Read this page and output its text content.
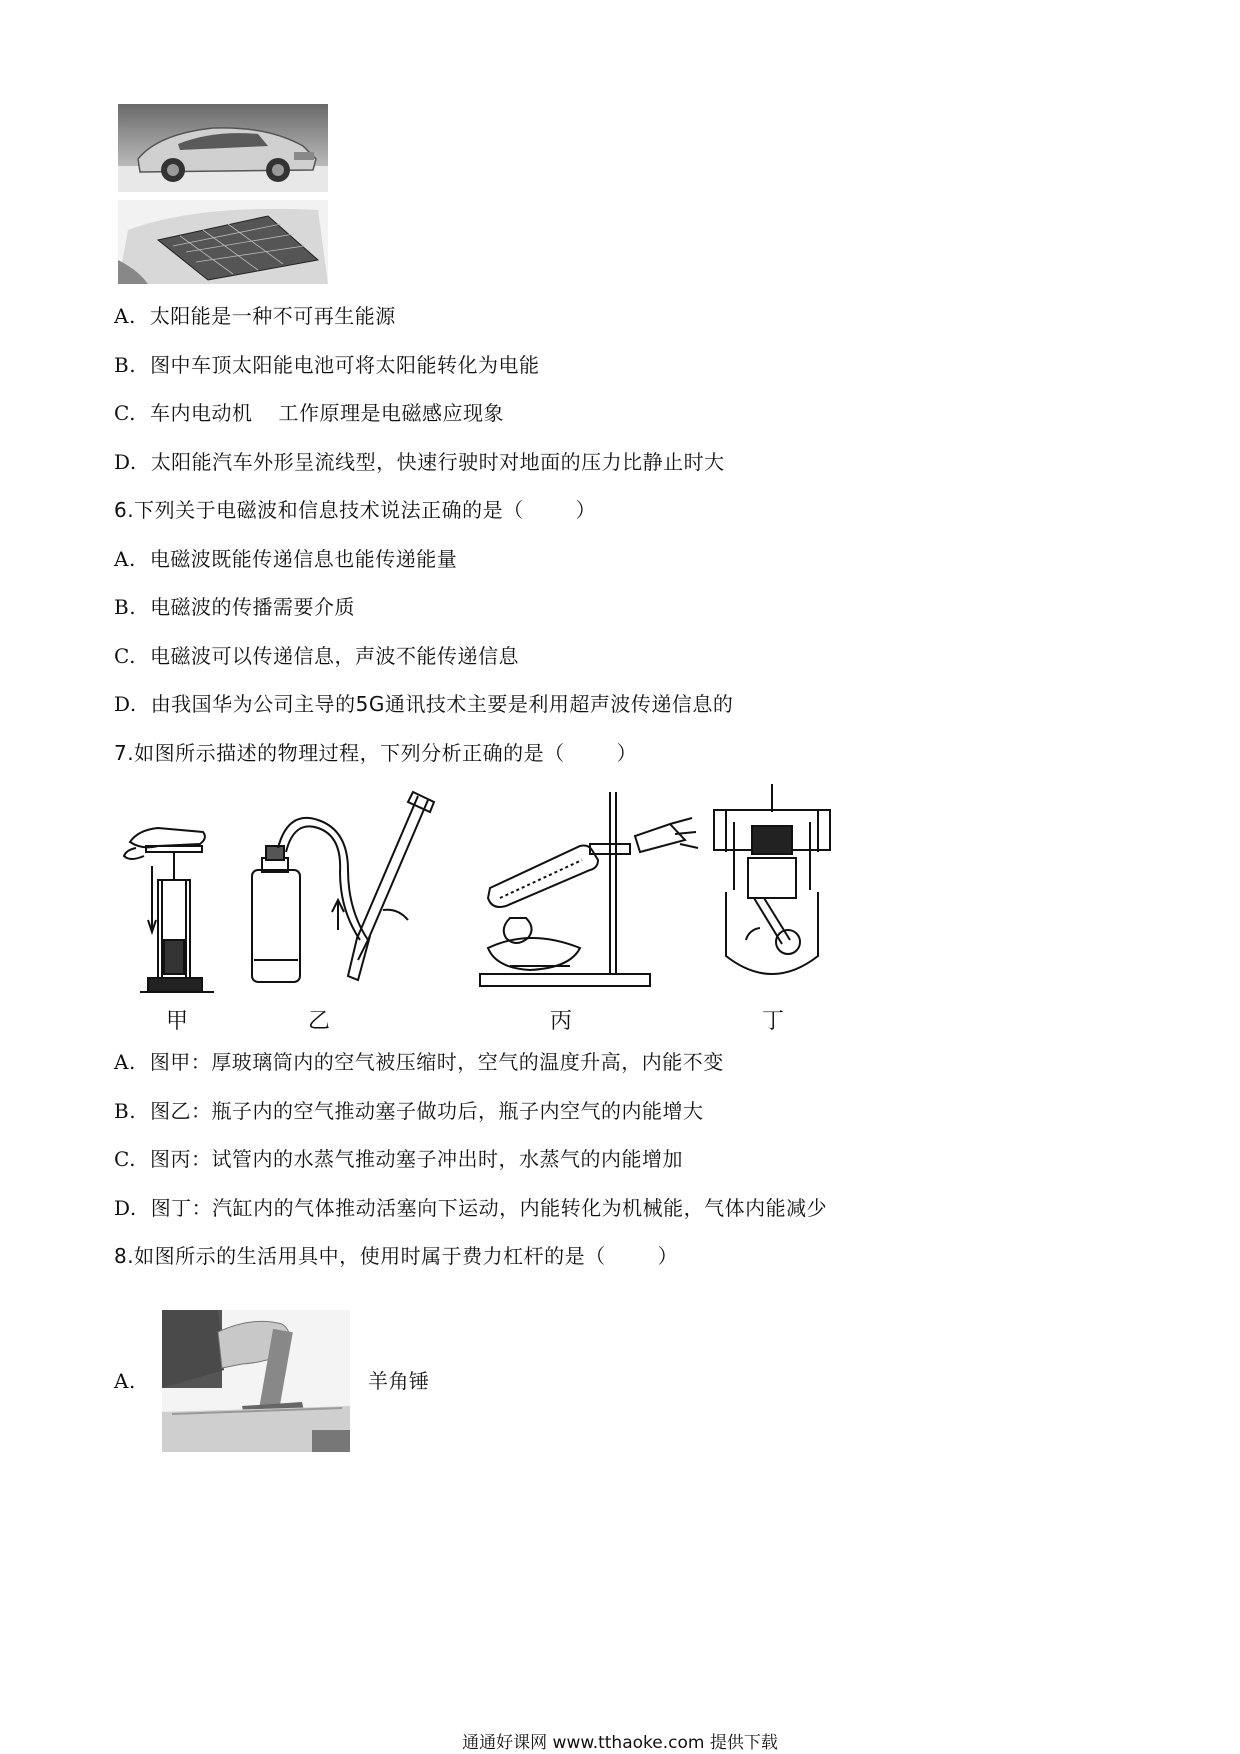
A. 太阳能是一种不可再生能源
B. 图中车顶太阳能电池可将太阳能转化为电能
C. 车内电动机 工作原理是电磁感应现象
D. 太阳能汽车外形呈流线型，快速行驶时对地面的压力比静止时大
6.下列关于电磁波和信息技术说法正确的是（	）
A. 电磁波既能传递信息也能传递能量
B. 电磁波的传播需要介质
C. 电磁波可以传递信息，声波不能传递信息
D. 由我国华为公司主导的5G通讯技术主要是利用超声波传递信息的
7.如图所示描述的物理过程，下列分析正确的是（	）
甲	乙	丙	丁
A. 图甲：厚玻璃筒内的空气被压缩时，空气的温度升高，内能不变
B. 图乙：瓶子内的空气推动塞子做功后，瓶子内空气的内能增大
C. 图丙：试管内的水蒸气推动塞子冲出时，水蒸气的内能增加
D. 图丁：汽缸内的气体推动活塞向下运动，内能转化为机械能，气体内能减少
8.如图所示的生活用具中，使用时属于费力杠杆的是（	）
A.	羊角锤
通通好课网 www.tthaoke.com 提供下载
